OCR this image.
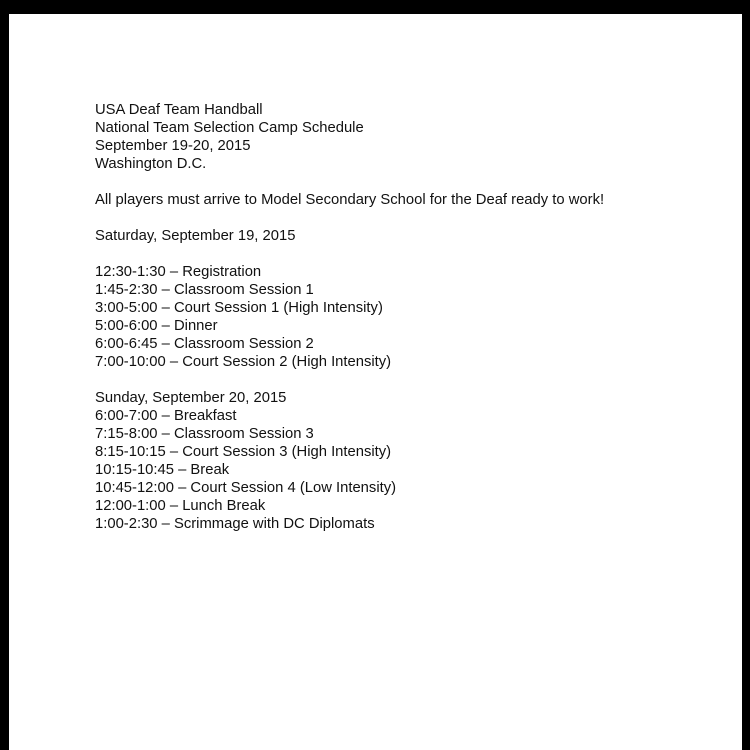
USA Deaf Team Handball
National Team Selection Camp Schedule
September 19-20, 2015
Washington D.C.
All players must arrive to Model Secondary School for the Deaf ready to work!
Saturday, September 19, 2015
12:30-1:30 – Registration
1:45-2:30 – Classroom Session 1
3:00-5:00 – Court Session 1 (High Intensity)
5:00-6:00 – Dinner
6:00-6:45 – Classroom Session 2
7:00-10:00 – Court Session 2 (High Intensity)
Sunday, September 20, 2015
6:00-7:00 – Breakfast
7:15-8:00 – Classroom Session 3
8:15-10:15 – Court Session 3 (High Intensity)
10:15-10:45 – Break
10:45-12:00 – Court Session 4 (Low Intensity)
12:00-1:00 – Lunch Break
1:00-2:30 – Scrimmage with DC Diplomats
